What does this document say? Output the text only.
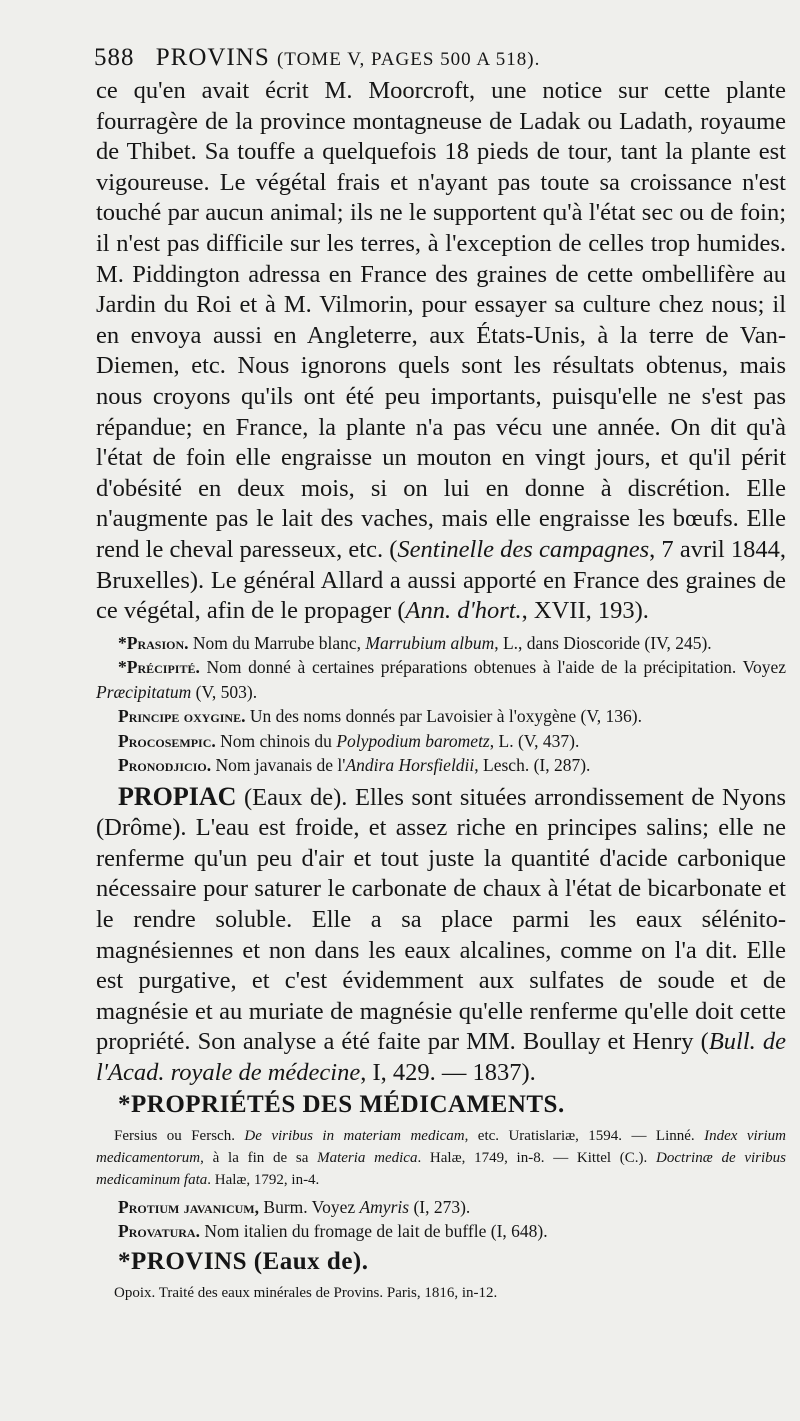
588 PROVINS (TOME V, PAGES 500 A 518).

ce qu'en avait écrit M. Moorcroft, une notice sur cette plante fourragère de la province montagneuse de Ladak ou Ladath, royaume de Thibet. Sa touffe a quelquefois 18 pieds de tour, tant la plante est vigoureuse. Le végétal frais et n'ayant pas toute sa croissance n'est touché par aucun animal; ils ne le supportent qu'à l'état sec ou de foin; il n'est pas difficile sur les terres, à l'exception de celles trop humides. M. Piddington adressa en France des graines de cette ombellifère au Jardin du Roi et à M. Vilmorin, pour essayer sa culture chez nous; il en envoya aussi en Angleterre, aux États-Unis, à la terre de Van-Diemen, etc. Nous ignorons quels sont les résultats obtenus, mais nous croyons qu'ils ont été peu importants, puisqu'elle ne s'est pas répandue; en France, la plante n'a pas vécu une année. On dit qu'à l'état de foin elle engraisse un mouton en vingt jours, et qu'il périt d'obésité en deux mois, si on lui en donne à discrétion. Elle n'augmente pas le lait des vaches, mais elle engraisse les bœufs. Elle rend le cheval paresseux, etc. (Sentinelle des campagnes, 7 avril 1844, Bruxelles). Le général Allard a aussi apporté en France des graines de ce végétal, afin de le propager (Ann. d'hort., XVII, 193).

*Prasion. Nom du Marrube blanc, Marrubium album, L., dans Dioscoride (IV, 245).

*Précipité. Nom donné à certaines préparations obtenues à l'aide de la précipitation. Voyez Præcipitatum (V, 503).

Principe oxygine. Un des noms donnés par Lavoisier à l'oxygène (V, 136).

Procosempic. Nom chinois du Polypodium barometz, L. (V, 437).

Pronodjicio. Nom javanais de l'Andira Horsfieldii, Lesch. (I, 287).

PROPIAC (Eaux de). Elles sont situées arrondissement de Nyons (Drôme). L'eau est froide, et assez riche en principes salins; elle ne renferme qu'un peu d'air et tout juste la quantité d'acide carbonique nécessaire pour saturer le carbonate de chaux à l'état de bicarbonate et le rendre soluble. Elle a sa place parmi les eaux sélénito-magnésiennes et non dans les eaux alcalines, comme on l'a dit. Elle est purgative, et c'est évidemment aux sulfates de soude et de magnésie et au muriate de magnésie qu'elle renferme qu'elle doit cette propriété. Son analyse a été faite par MM. Boullay et Henry (Bull. de l'Acad. royale de médecine, I, 429. — 1837).

*PROPRIÉTÉS DES MÉDICAMENTS.

Fersius ou Fersch. De viribus in materiam medicam, etc. Uratislariæ, 1594. — Linné. Index virium medicamentorum, à la fin de sa Materia medica. Halæ, 1749, in-8. — Kittel (C.). Doctrinæ de viribus medicaminum fata. Halæ, 1792, in-4.

Protium javanicum, Burm. Voyez Amyris (I, 273).

Provatura. Nom italien du fromage de lait de buffle (I, 648).

*PROVINS (Eaux de).

Opoix. Traité des eaux minérales de Provins. Paris, 1816, in-12.
